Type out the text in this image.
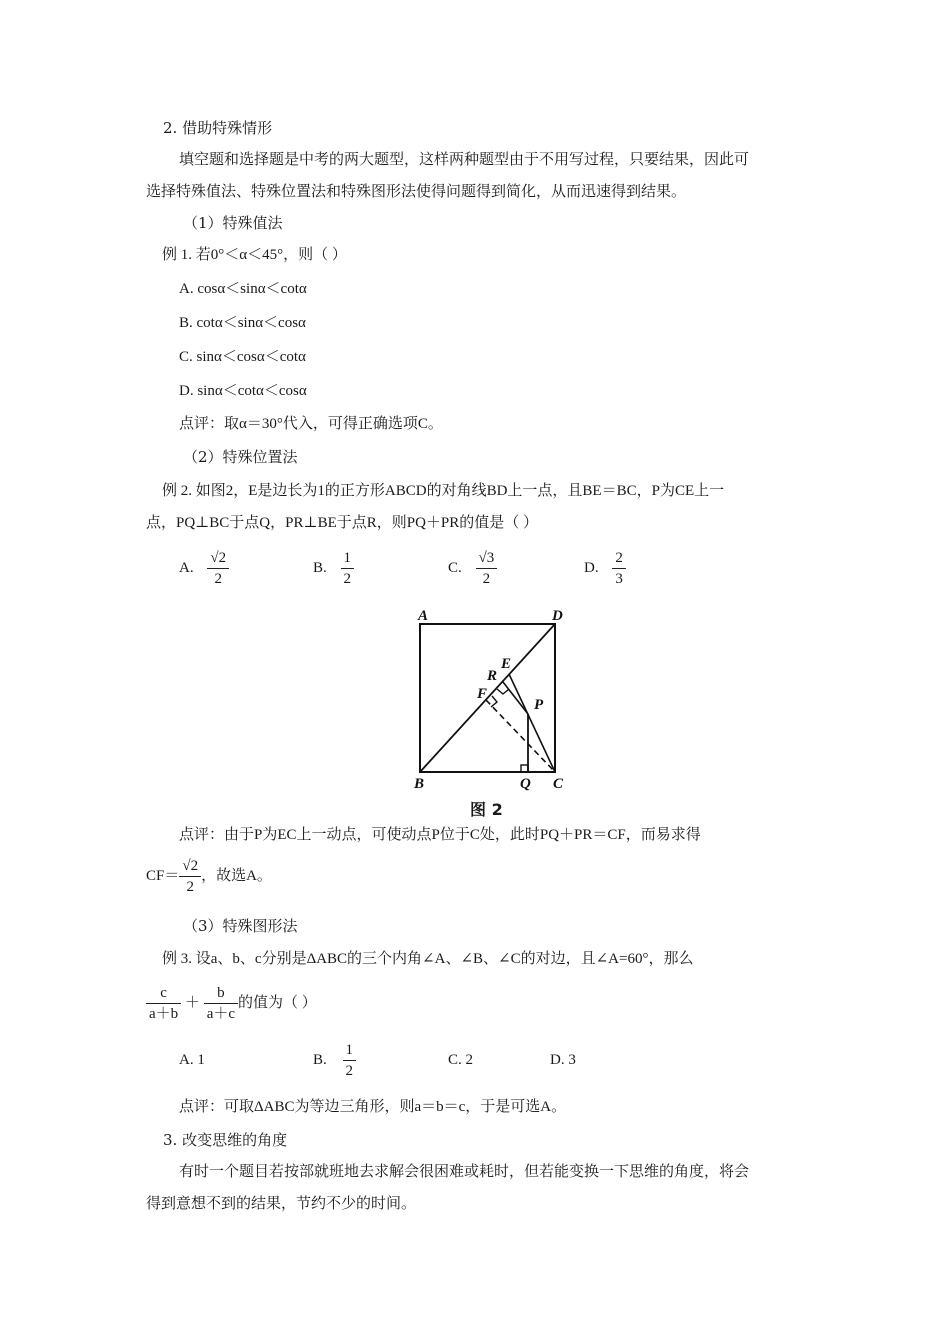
2. 借助特殊情形
填空题和选择题是中考的两大题型，这样两种题型由于不用写过程，只要结果，因此可
选择特殊值法、特殊位置法和特殊图形法使得问题得到简化，从而迅速得到结果。
（1）特殊值法
例 1. 若0°＜α＜45°，则（ ）
A. cosα＜sinα＜cotα
B. cotα＜sinα＜cosα
C. sinα＜cosα＜cotα
D. sinα＜cotα＜cosα
点评：取α＝30°代入，可得正确选项C。
（2）特殊位置法
例 2. 如图2，E是边长为1的正方形ABCD的对角线BD上一点，且BE＝BC，P为CE上一
点，PQ⊥BC于点Q，PR⊥BE于点R，则PQ＋PR的值是（ ）
A. $\frac{√2}{2}$	B. $\frac{1}{2}$	C. $\frac{√3}{2}$	D. $\frac{2}{3}$
A	D
B	C
Q
E
R
F
P
图 2
点评：由于P为EC上一动点，可使动点P位于C处，此时PQ＋PR＝CF，而易求得
$CF= \frac{√2}{2}$ ，故选A。
（3）特殊图形法
例 3. 设a、b、c分别是ΔABC的三个内角∠A、∠B、∠C的对边，且∠A=60°，那么
$\frac{c}{a+b} + \frac{b}{a+c}$ 的值为（ ）
A. 1	B. $\frac{1}{2}$	C. 2	D. 3
点评：可取ΔABC为等边三角形，则a＝b＝c，于是可选A。
3. 改变思维的角度
有时一个题目若按部就班地去求解会很困难或耗时，但若能变换一下思维的角度，将会
得到意想不到的结果，节约不少的时间。
